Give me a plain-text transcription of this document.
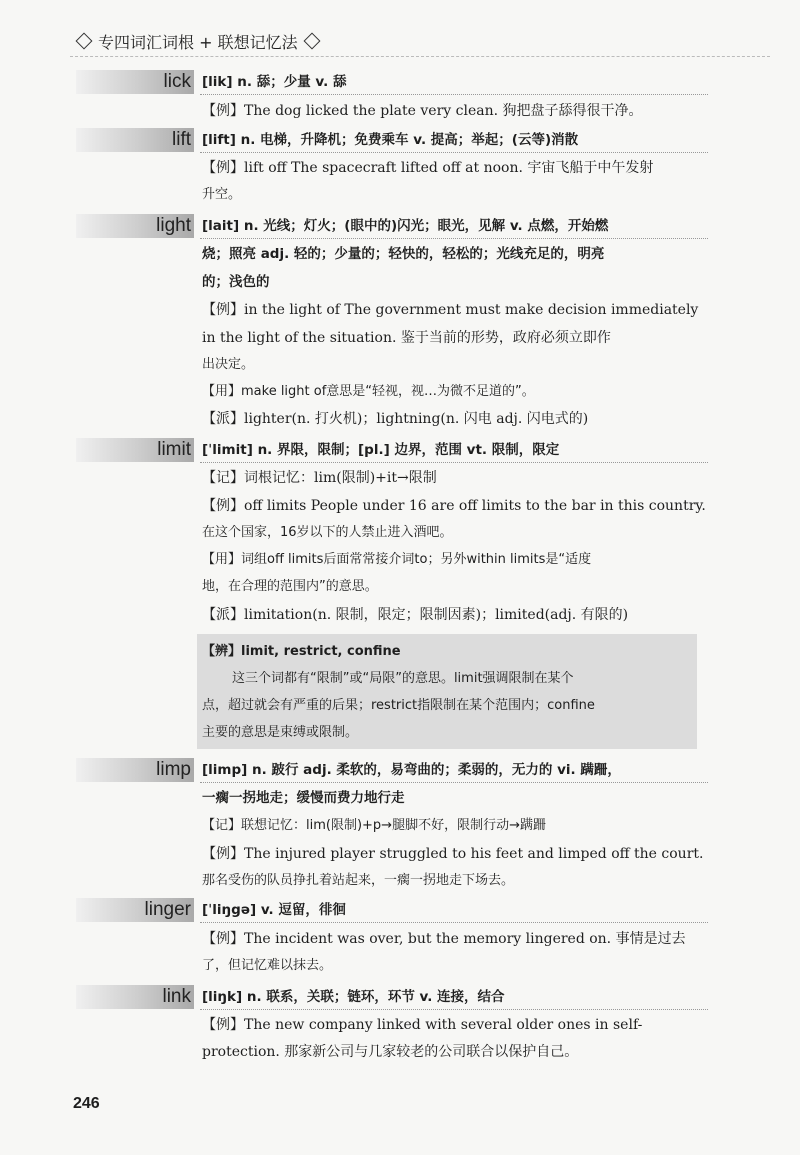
专四词汇词根 + 联想记忆法
lick [lik] n. 舔；少量 v. 舔
【例】The dog licked the plate very clean. 狗把盘子舔得很干净。
lift [lift] n. 电梯，升降机；免费乘车 v. 提高；举起；(云等)消散
【例】lift off The spacecraft lifted off at noon. 宇宙飞船于中午发射
升空。
light [lait] n. 光线；灯火；(眼中的)闪光；眼光，见解 v. 点燃，开始燃
烧；照亮 adj. 轻的；少量的；轻快的，轻松的；光线充足的，明亮
的；浅色的
【例】in the light of The government must make decision immediately
in the light of the situation. 鉴于当前的形势，政府必须立即作
出决定。
【用】make light of意思是“轻视，视…为微不足道的”。
【派】lighter(n. 打火机)；lightning(n. 闪电 adj. 闪电式的)
limit [ˈlimit] n. 界限，限制；[pl.] 边界，范围 vt. 限制，限定
【记】词根记忆：lim(限制)+it→限制
【例】off limits People under 16 are off limits to the bar in this country.
在这个国家，16岁以下的人禁止进入酒吧。
【用】词组off limits后面常常接介词to；另外within limits是“适度
地，在合理的范围内”的意思。
【派】limitation(n. 限制，限定；限制因素)；limited(adj. 有限的)
【辨】limit, restrict, confine
这三个词都有“限制”或“局限”的意思。limit强调限制在某个
点，超过就会有严重的后果；restrict指限制在某个范围内；confine
主要的意思是束缚或限制。
limp [limp] n. 跛行 adj. 柔软的，易弯曲的；柔弱的，无力的 vi. 蹒跚，
一瘸一拐地走；缓慢而费力地行走
【记】联想记忆：lim(限制)+p→腿脚不好，限制行动→蹒跚
【例】The injured player struggled to his feet and limped off the court.
那名受伤的队员挣扎着站起来，一瘸一拐地走下场去。
linger [ˈliŋgə] v. 逗留，徘徊
【例】The incident was over, but the memory lingered on. 事情是过去
了，但记忆难以抹去。
link [liŋk] n. 联系，关联；链环，环节 v. 连接，结合
【例】The new company linked with several older ones in self-
protection. 那家新公司与几家较老的公司联合以保护自己。
246
